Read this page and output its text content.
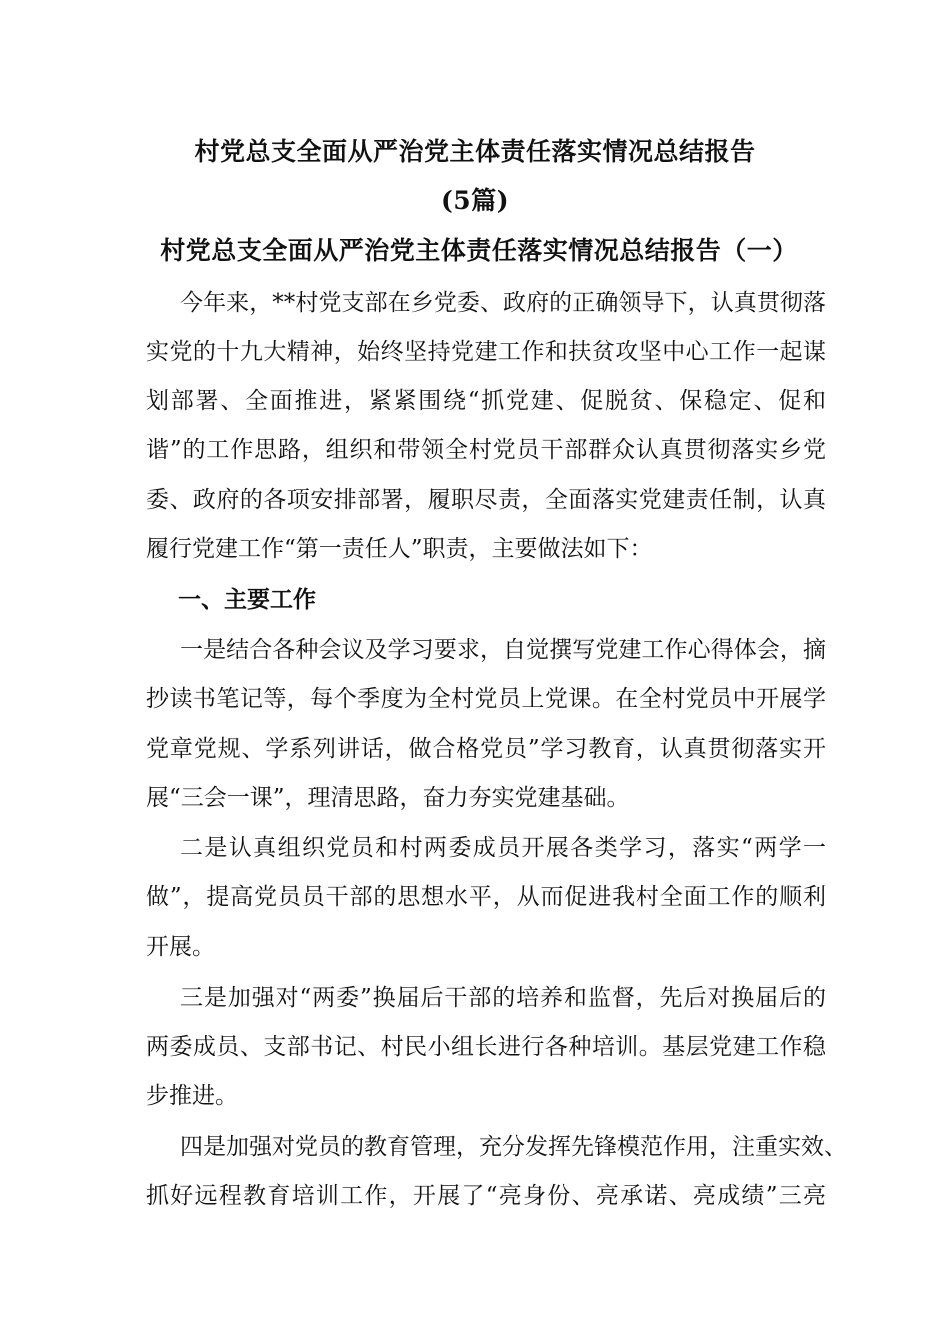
村党总支全面从严治党主体责任落实情况总结报告
(5篇)
村党总支全面从严治党主体责任落实情况总结报告（一）
今年来，**村党支部在乡党委、政府的正确领导下，认真贯彻落
实党的十九大精神，始终坚持党建工作和扶贫攻坚中心工作一起谋
划部署、全面推进，紧紧围绕“抓党建、促脱贫、保稳定、促和
谐”的工作思路，组织和带领全村党员干部群众认真贯彻落实乡党
委、政府的各项安排部署，履职尽责，全面落实党建责任制，认真
履行党建工作“第一责任人”职责，主要做法如下：
一、主要工作
一是结合各种会议及学习要求，自觉撰写党建工作心得体会，摘
抄读书笔记等，每个季度为全村党员上党课。在全村党员中开展学
党章党规、学系列讲话，做合格党员”学习教育，认真贯彻落实开
展“三会一课”，理清思路，奋力夯实党建基础。
二是认真组织党员和村两委成员开展各类学习，落实“两学一
做”，提高党员员干部的思想水平，从而促进我村全面工作的顺利
开展。
三是加强对“两委”换届后干部的培养和监督，先后对换届后的
两委成员、支部书记、村民小组长进行各种培训。基层党建工作稳
步推进。
四是加强对党员的教育管理，充分发挥先锋模范作用，注重实效、
抓好远程教育培训工作，开展了“亮身份、亮承诺、亮成绩”三亮
